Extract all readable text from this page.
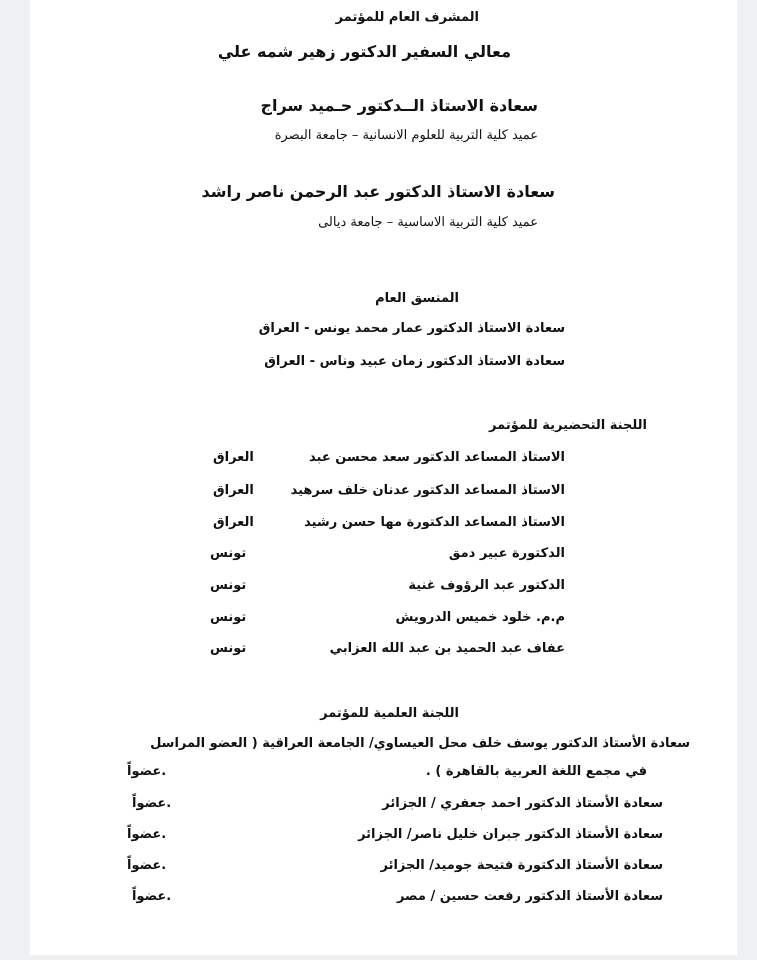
المشرف العام للمؤتمر
معالي السفير الدكتور زهير شمه علي
سعادة الاستاذ الــدكتور حـميد سراج
عميد كلية التربية للعلوم الانسانية – جامعة البصرة
سعادة الاستاذ الدكتور عبد الرحمن ناصر راشد
عميد كلية التربية الاساسية – جامعة ديالى
المنسق العام
سعادة الاستاذ الدكتور عمار محمد يونس - العراق
سعادة الاستاذ الدكتور زمان عبيد وناس - العراق
اللجنة التحضيرية للمؤتمر
الاستاذ المساعد الدكتور سعد محسن عبد
العراق
الاستاذ المساعد الدكتور عدنان خلف سرهيد
العراق
الاستاذ المساعد الدكتورة مها حسن رشيد
العراق
الدكتورة عبير دمق
تونس
الدكتور عبد الرؤوف غنية
تونس
م.م. خلود خميس الدرويش
تونس
عفاف عبد الحميد بن عبد الله العزابي
تونس
اللجنة العلمية للمؤتمر
سعادة الأستاذ الدكتور يوسف خلف محل العيساوي/ الجامعة العراقية ( العضو المراسل
في مجمع اللغة العربية بالقاهرة ) .
عضواً.
سعادة الأستاذ الدكتور احمد جعفري / الجزائر
عضواً.
سعادة الأستاذ الدكتور جبران خليل ناصر/ الجزائر
عضواً.
سعادة الأستاذ الدكتورة فتيحة جوميد/ الجزائر
عضواً.
سعادة الأستاذ الدكتور رفعت حسين / مصر
عضواً.
